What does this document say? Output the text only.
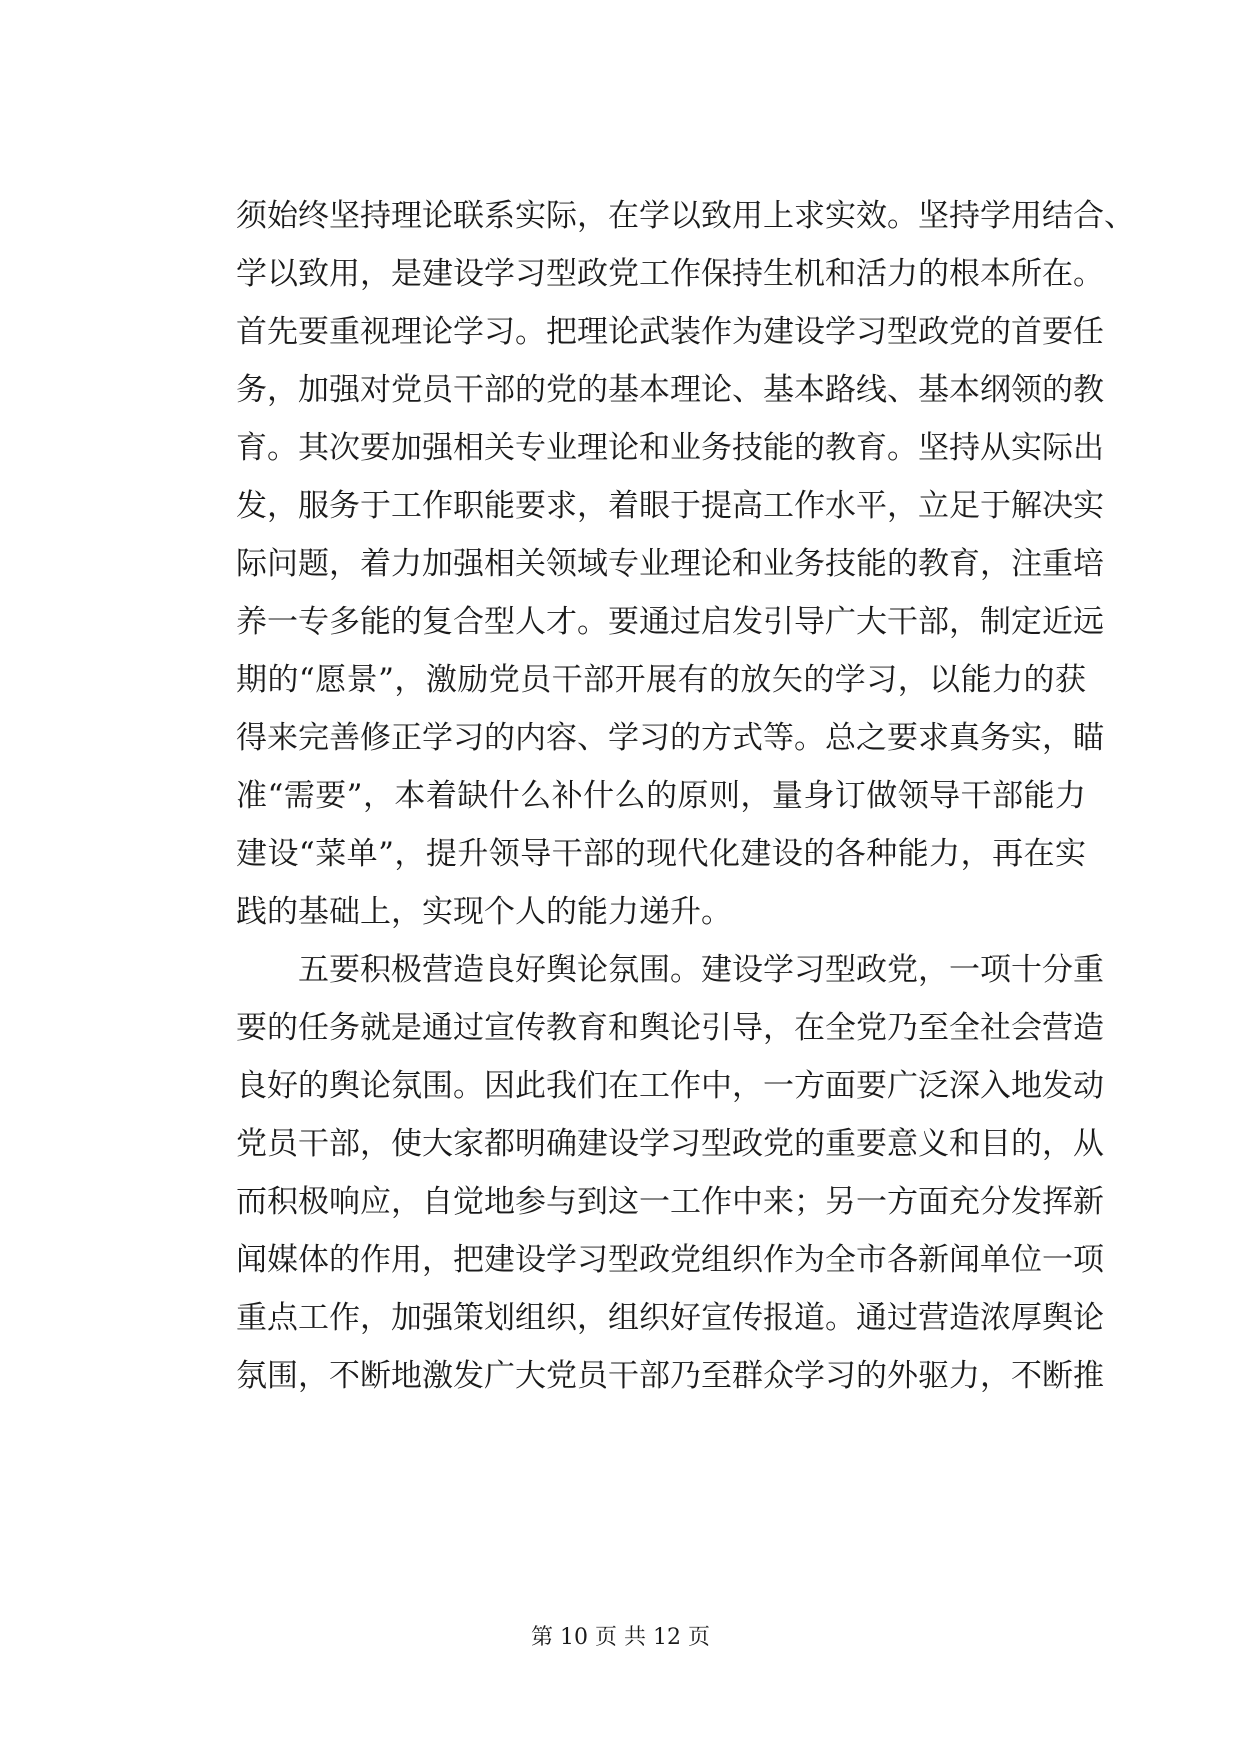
须始终坚持理论联系实际，在学以致用上求实效。坚持学用结合、
学以致用，是建设学习型政党工作保持生机和活力的根本所在。
首先要重视理论学习。把理论武装作为建设学习型政党的首要任
务，加强对党员干部的党的基本理论、基本路线、基本纲领的教
育。其次要加强相关专业理论和业务技能的教育。坚持从实际出
发，服务于工作职能要求，着眼于提高工作水平，立足于解决实
际问题，着力加强相关领域专业理论和业务技能的教育，注重培
养一专多能的复合型人才。要通过启发引导广大干部，制定近远
期的“愿景”，激励党员干部开展有的放矢的学习，以能力的获
得来完善修正学习的内容、学习的方式等。总之要求真务实，瞄
准“需要”，本着缺什么补什么的原则，量身订做领导干部能力
建设“菜单”，提升领导干部的现代化建设的各种能力，再在实
践的基础上，实现个人的能力递升。
五要积极营造良好舆论氛围。建设学习型政党，一项十分重
要的任务就是通过宣传教育和舆论引导，在全党乃至全社会营造
良好的舆论氛围。因此我们在工作中，一方面要广泛深入地发动
党员干部，使大家都明确建设学习型政党的重要意义和目的，从
而积极响应，自觉地参与到这一工作中来；另一方面充分发挥新
闻媒体的作用，把建设学习型政党组织作为全市各新闻单位一项
重点工作，加强策划组织，组织好宣传报道。通过营造浓厚舆论
氛围，不断地激发广大党员干部乃至群众学习的外驱力，不断推
第 10 页 共 12 页
